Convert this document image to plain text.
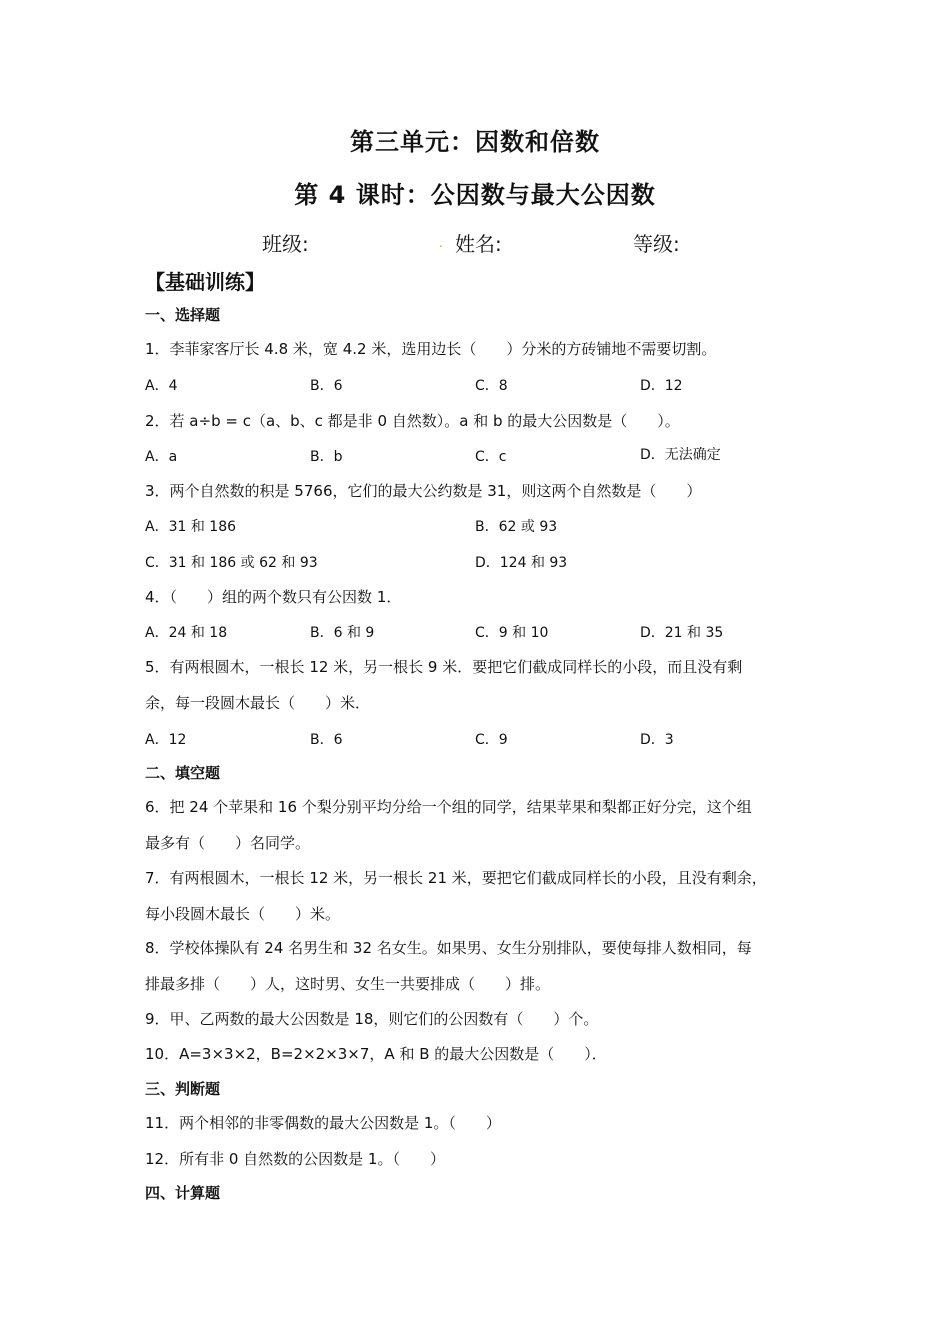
第三单元：因数和倍数
第 4 课时：公因数与最大公因数
班级:	. 姓名:	等级:
【基础训练】
一、选择题
1．李菲家客厅长 4.8 米，宽 4.2 米，选用边长（　　）分米的方砖铺地不需要切割。
A．4	B．6	C．8	D．12
2．若 a÷b = c（a、b、c 都是非 0 自然数）。a 和 b 的最大公因数是（　　）。
A．a	B．b	C．c	D．无法确定
3．两个自然数的积是 5766，它们的最大公约数是 31，则这两个自然数是（　　）
A．31 和 186	B．62 或 93
C．31 和 186 或 62 和 93	D．124 和 93
4．（　　）组的两个数只有公因数 1．
A．24 和 18	B．6 和 9	C．9 和 10	D．21 和 35
5．有两根圆木，一根长 12 米，另一根长 9 米．要把它们截成同样长的小段，而且没有剩
余，每一段圆木最长（　　）米．
A．12	B．6	C．9	D．3
二、填空题
6．把 24 个苹果和 16 个梨分别平均分给一个组的同学，结果苹果和梨都正好分完，这个组
最多有（　　）名同学。
7．有两根圆木，一根长 12 米，另一根长 21 米，要把它们截成同样长的小段，且没有剩余，
每小段圆木最长（　　）米。
8．学校体操队有 24 名男生和 32 名女生。如果男、女生分别排队，要使每排人数相同，每
排最多排（　　）人，这时男、女生一共要排成（　　）排。
9．甲、乙两数的最大公因数是 18，则它们的公因数有（　　）个。
10．A=3×3×2，B=2×2×3×7，A 和 B 的最大公因数是（　　）．
三、判断题
11．两个相邻的非零偶数的最大公因数是 1。（　　）
12．所有非 0 自然数的公因数是 1。（　　）
四、计算题
